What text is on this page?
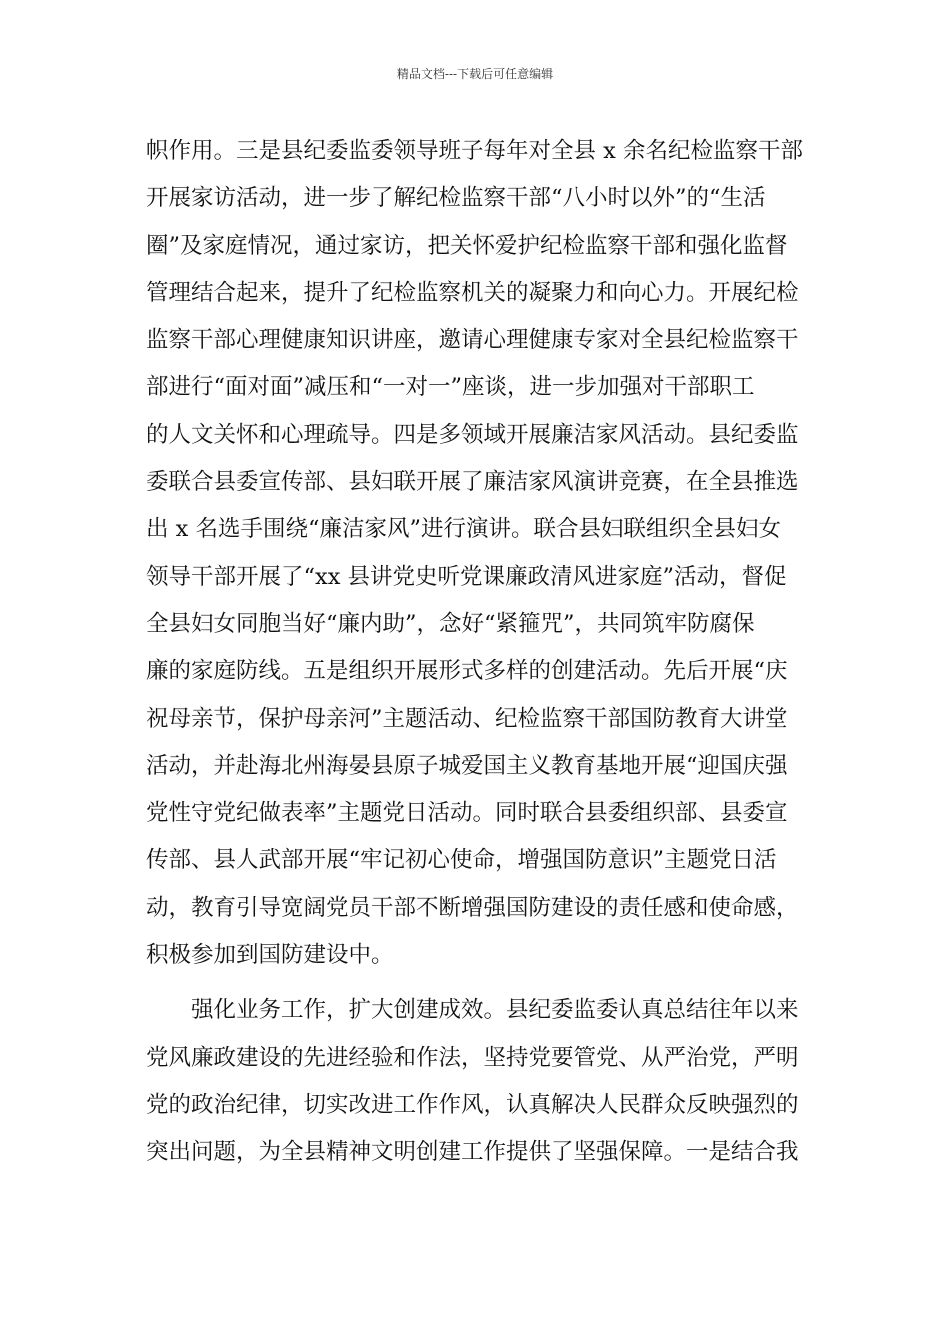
精品文档---下载后可任意编辑
帜作用。三是县纪委监委领导班子每年对全县 x 余名纪检监察干部
开展家访活动，进一步了解纪检监察干部“八小时以外”的“生活
圈”及家庭情况，通过家访，把关怀爱护纪检监察干部和强化监督
管理结合起来，提升了纪检监察机关的凝聚力和向心力。开展纪检
监察干部心理健康知识讲座，邀请心理健康专家对全县纪检监察干
部进行“面对面”减压和“一对一”座谈，进一步加强对干部职工
的人文关怀和心理疏导。四是多领域开展廉洁家风活动。县纪委监
委联合县委宣传部、县妇联开展了廉洁家风演讲竞赛，在全县推选
出 x 名选手围绕“廉洁家风”进行演讲。联合县妇联组织全县妇女
领导干部开展了“xx 县讲党史听党课廉政清风进家庭”活动，督促
全县妇女同胞当好“廉内助”，念好“紧箍咒”，共同筑牢防腐保
廉的家庭防线。五是组织开展形式多样的创建活动。先后开展“庆
祝母亲节，保护母亲河”主题活动、纪检监察干部国防教育大讲堂
活动，并赴海北州海晏县原子城爱国主义教育基地开展“迎国庆强
党性守党纪做表率”主题党日活动。同时联合县委组织部、县委宣
传部、县人武部开展“牢记初心使命，增强国防意识”主题党日活
动，教育引导宽阔党员干部不断增强国防建设的责任感和使命感，
积极参加到国防建设中。
强化业务工作，扩大创建成效。县纪委监委认真总结往年以来
党风廉政建设的先进经验和作法，坚持党要管党、从严治党，严明
党的政治纪律，切实改进工作作风，认真解决人民群众反映强烈的
突出问题，为全县精神文明创建工作提供了坚强保障。一是结合我
